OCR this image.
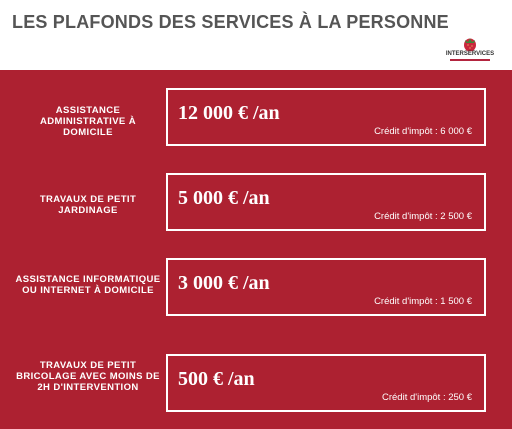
LES PLAFONDS DES SERVICES À LA PERSONNE
INTERSERVICES
ASSISTANCE ADMINISTRATIVE À DOMICILE
12 000 € /an
Crédit d'impôt : 6 000 €
TRAVAUX DE PETIT JARDINAGE
5 000 € /an
Crédit d'impôt : 2 500 €
ASSISTANCE INFORMATIQUE OU INTERNET À DOMICILE	3 000 € /an
Crédit d'impôt : 1 500 €
TRAVAUX DE PETIT BRICOLAGE AVEC MOINS DE 2H D'INTERVENTION	500 € /an
Crédit d'impôt : 250 €
